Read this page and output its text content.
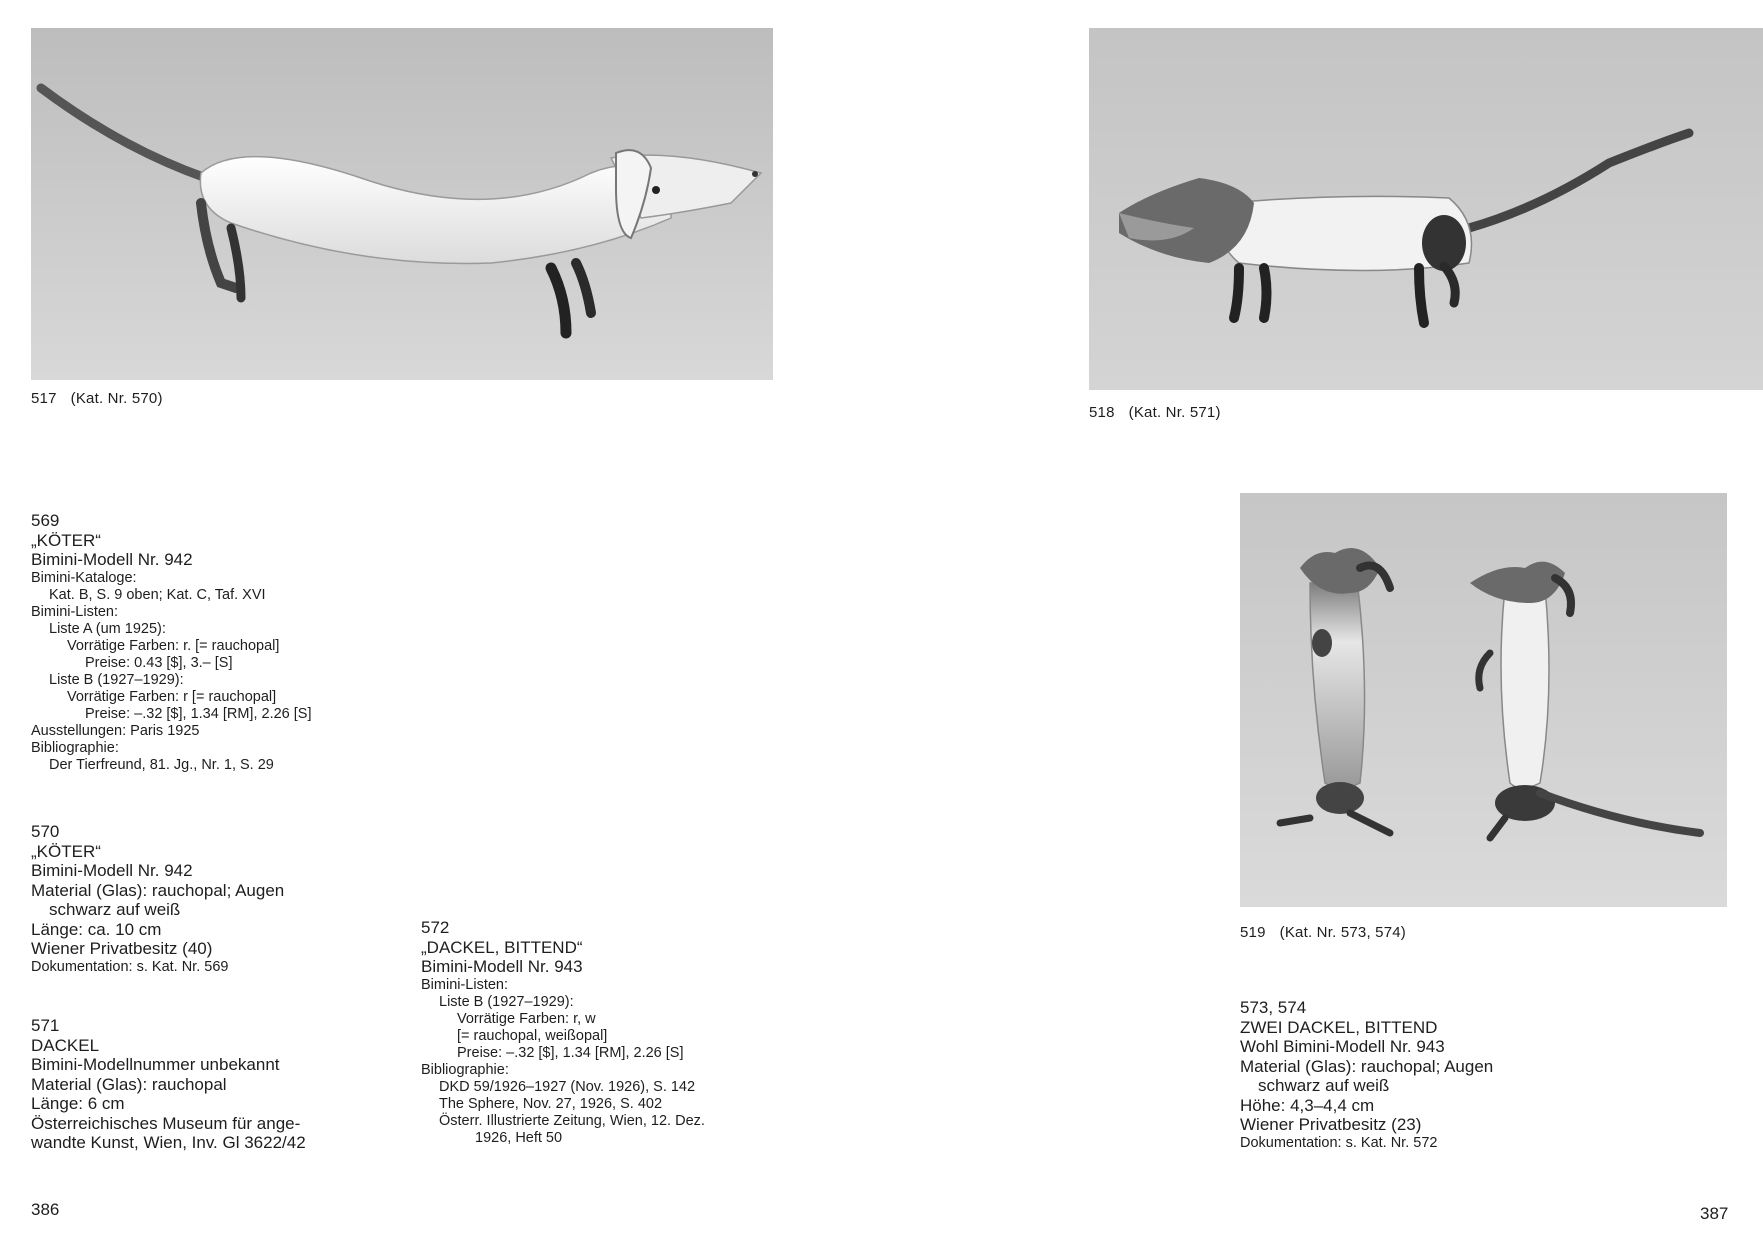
517 (Kat. Nr. 570)
518 (Kat. Nr. 571)
519 (Kat. Nr. 573, 574)
569
„KÖTER“
Bimini-Modell Nr. 942
Bimini-Kataloge:
Kat. B, S. 9 oben; Kat. C, Taf. XVI
Bimini-Listen:
Liste A (um 1925):
Vorrätige Farben: r. [= rauchopal]
Preise: 0.43 [$], 3.– [S]
Liste B (1927–1929):
Vorrätige Farben: r [= rauchopal]
Preise: –.32 [$], 1.34 [RM], 2.26 [S]
Ausstellungen: Paris 1925
Bibliographie:
Der Tierfreund, 81. Jg., Nr. 1, S. 29
570
„KÖTER“
Bimini-Modell Nr. 942
Material (Glas): rauchopal; Augen
schwarz auf weiß
Länge: ca. 10 cm
Wiener Privatbesitz (40)
Dokumentation: s. Kat. Nr. 569
571
DACKEL
Bimini-Modellnummer unbekannt
Material (Glas): rauchopal
Länge: 6 cm
Österreichisches Museum für ange-
wandte Kunst, Wien, Inv. Gl 3622/42
572
„DACKEL, BITTEND“
Bimini-Modell Nr. 943
Bimini-Listen:
Liste B (1927–1929):
Vorrätige Farben: r, w
[= rauchopal, weißopal]
Preise: –.32 [$], 1.34 [RM], 2.26 [S]
Bibliographie:
DKD 59/1926–1927 (Nov. 1926), S. 142
The Sphere, Nov. 27, 1926, S. 402
Österr. Illustrierte Zeitung, Wien, 12. Dez.
1926, Heft 50
573, 574
ZWEI DACKEL, BITTEND
Wohl Bimini-Modell Nr. 943
Material (Glas): rauchopal; Augen
schwarz auf weiß
Höhe: 4,3–4,4 cm
Wiener Privatbesitz (23)
Dokumentation: s. Kat. Nr. 572
386	387
